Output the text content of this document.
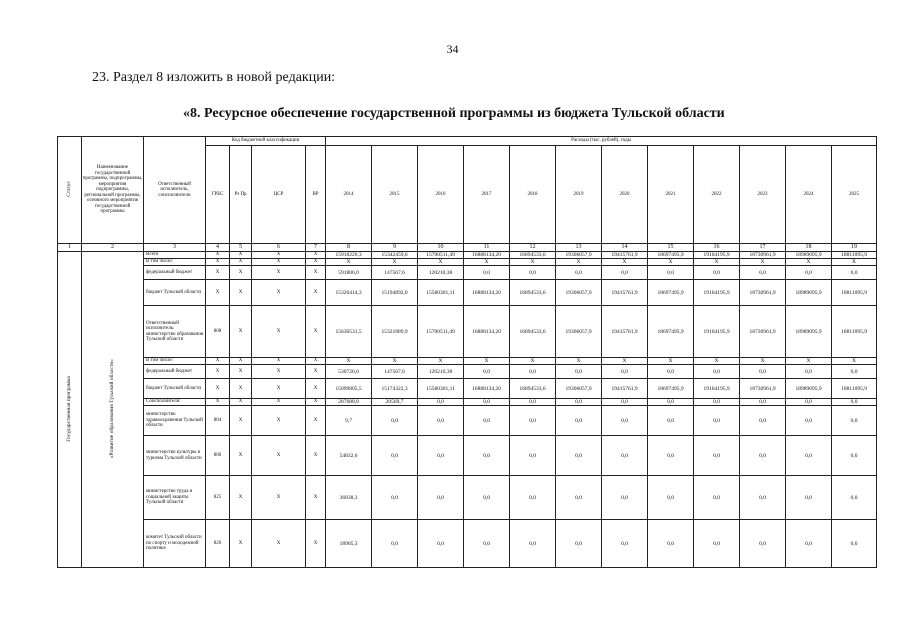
34
23. Раздел 8 изложить в новой редакции:
«8. Ресурсное обеспечение государственной программы из бюджета Тульской области
Статус	Наименование государственной программы, подпрограммы, мероприятия подпрограммы, региональной программы, основного мероприятия государственной программы	Ответственный исполнитель, соисполнители	Код бюджетной классификации				Расходы (тыс. рублей), годы											
			ГРБС	Рз Пр	ЦСР	ВР	2014	2015	2016	2017	2018	2019	2020	2021	2022	2023	2024	2025
1	2	3	4	5	6	7	8	9	10	11	12	13	14	15	16	17	18	19
Государственная программа	«Развитие образования Тульской области»	Всего	Х	Х	Х	Х	15918220,3	15342459,6	15700511,49	16888134,20	16894533,6	19306057,9	19415761,9	18697495,9	19164195,9	18730961,9	18989095,9	18811095,9
		В том числе:	Х	Х	Х	Х	Х	Х	Х	Х	Х	Х	Х	Х	Х	Х	Х	Х
		федеральный бюджет	Х	Х	Х	Х	591806,0	147567,6	120210,38	0,0	0,0	0,0	0,0	0,0	0,0	0,0	0,0	0,0
		бюджет Тульской области	Х	Х	Х	Х	15326414,3	15194892,0	15580301,11	16888134,20	16894533,6	19306057,9	19415761,9	18697495,9	19164195,9	18730961,9	18989095,9	18811095,9
		Ответственный исполнитель: министерство образования Тульской области	808	Х	Х	Х	15630531,5	15321889,9	15700511,49	16888134,20	16894533,6	19306057,9	19415761,9	18697495,9	19164195,9	18730961,9	18989095,9	18811095,9
		В том числе:	Х	Х	Х	Х	Х	Х	Х	Х	Х	Х	Х	Х	Х	Х	Х	Х
		федеральный бюджет	Х	Х	Х	Х	530726,0	147567,6	120210,38	0,0	0,0	0,0	0,0	0,0	0,0	0,0	0,0	0,0
		бюджет Тульской области	Х	Х	Х	Х	15099805,5	15174322,3	15580301,11	16888134,20	16894533,6	19306057,9	19415761,9	18697495,9	19164195,9	18730961,9	18989095,9	18811095,9
		Соисполнители:	Х	Х	Х	Х	287688,8	20569,7	0,0	0,0	0,0	0,0	0,0	0,0	0,0	0,0	0,0	0,0
		министерство здравоохранения Тульской области	804	Х	Х	Х	9,7	0,0	0,0	0,0	0,0	0,0	0,0	0,0	0,0	0,0	0,0	0,0
		министерство культуры и туризма Тульской области	806	Х	Х	Х	54832,6	0,0	0,0	0,0	0,0	0,0	0,0	0,0	0,0	0,0	0,0	0,0
		министерство труда и социальной защиты Тульской области	825	Х	Х	Х	36838,3	0,0	0,0	0,0	0,0	0,0	0,0	0,0	0,0	0,0	0,0	0,0
		комитет Тульской области по спорту и молодежной политике	826	Х	Х	Х	18905,3	0,0	0,0	0,0	0,0	0,0	0,0	0,0	0,0	0,0	0,0	0,0
